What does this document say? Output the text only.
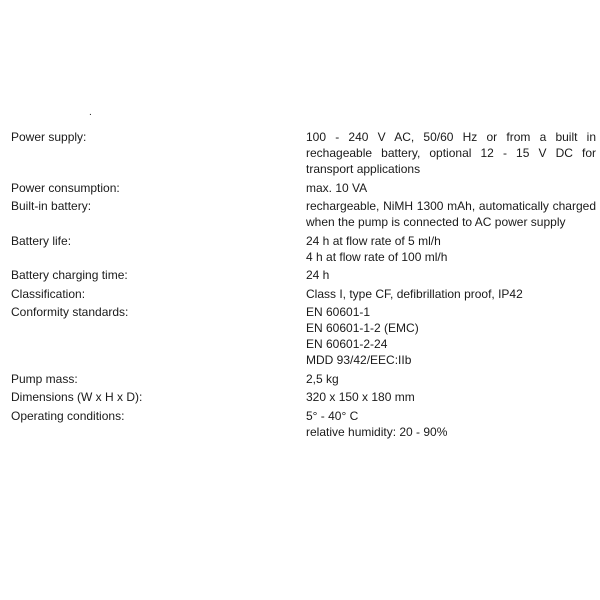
.
Power supply:	100 - 240 V AC, 50/60 Hz or from a built in rechageable battery, optional 12 - 15 V DC for transport applications
Power consumption:	max. 10 VA
Built-in battery:	rechargeable, NiMH 1300 mAh, automatically charged when the pump is connected to AC power supply
Battery life:	24 h at flow rate of 5 ml/h
4 h at flow rate of 100 ml/h
Battery charging time:	24 h
Classification:	Class I, type CF, defibrillation proof, IP42
Conformity standards:	EN 60601-1
EN 60601-1-2 (EMC)
EN 60601-2-24
MDD 93/42/EEC:IIb
Pump mass:	2,5 kg
Dimensions (W x H x D):	320 x 150 x 180 mm
Operating conditions:	5° - 40° C
relative humidity: 20 - 90%
